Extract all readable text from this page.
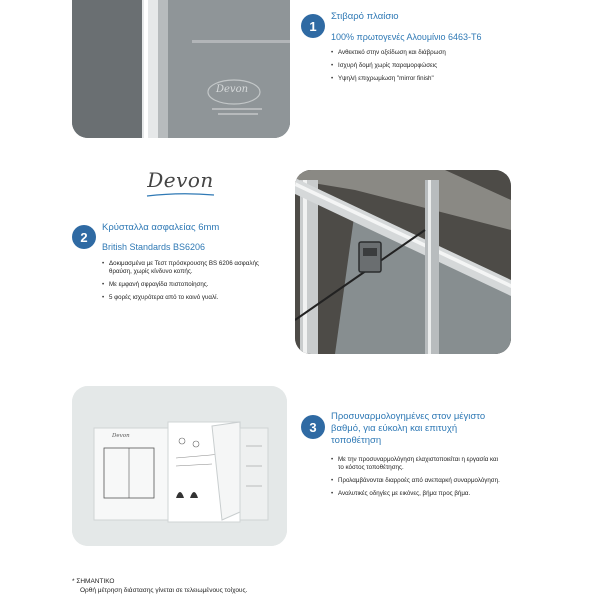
Devon
1
Στιβαρό πλαίσιο
100% πρωτογενές Αλουμίνιο 6463-T6
• Ανθεκτικό στην οξείδωση και διάβρωση
• Ισχυρή δομή χωρίς παραμορφώσεις
• Υψηλή επιχρωμίωση "mirror finish"
Devon
2
Κρύσταλλα ασφαλείας 6mm
British Standards BS6206
• Δοκιμασμένα με Τεστ πρόσκρουσης BS 6206 ασφαλής θραύση, χωρίς κίνδυνο κοπής.
• Με εμφανή σφραγίδα πιστοποίησης.
• 5 φορές ισχυρότερα από το κοινό γυαλί.
Devon
3
Προσυναρμολογημένες στον μέγιστο βαθμό, για εύκολη και επιτυχή τοποθέτηση
• Με την προσυναρμολόγηση ελαχιστοποιείται η εργασία και το κόστος τοποθέτησης.
• Προλαμβάνονται διαρροές από ανεπαρκή συναρμολόγηση.
• Αναλυτικές οδηγίες με εικόνες, βήμα προς βήμα.
* ΣΗΜΑΝΤΙΚΟ
Ορθή μέτρηση διάστασης γίνεται σε τελειωμένους τοίχους.
